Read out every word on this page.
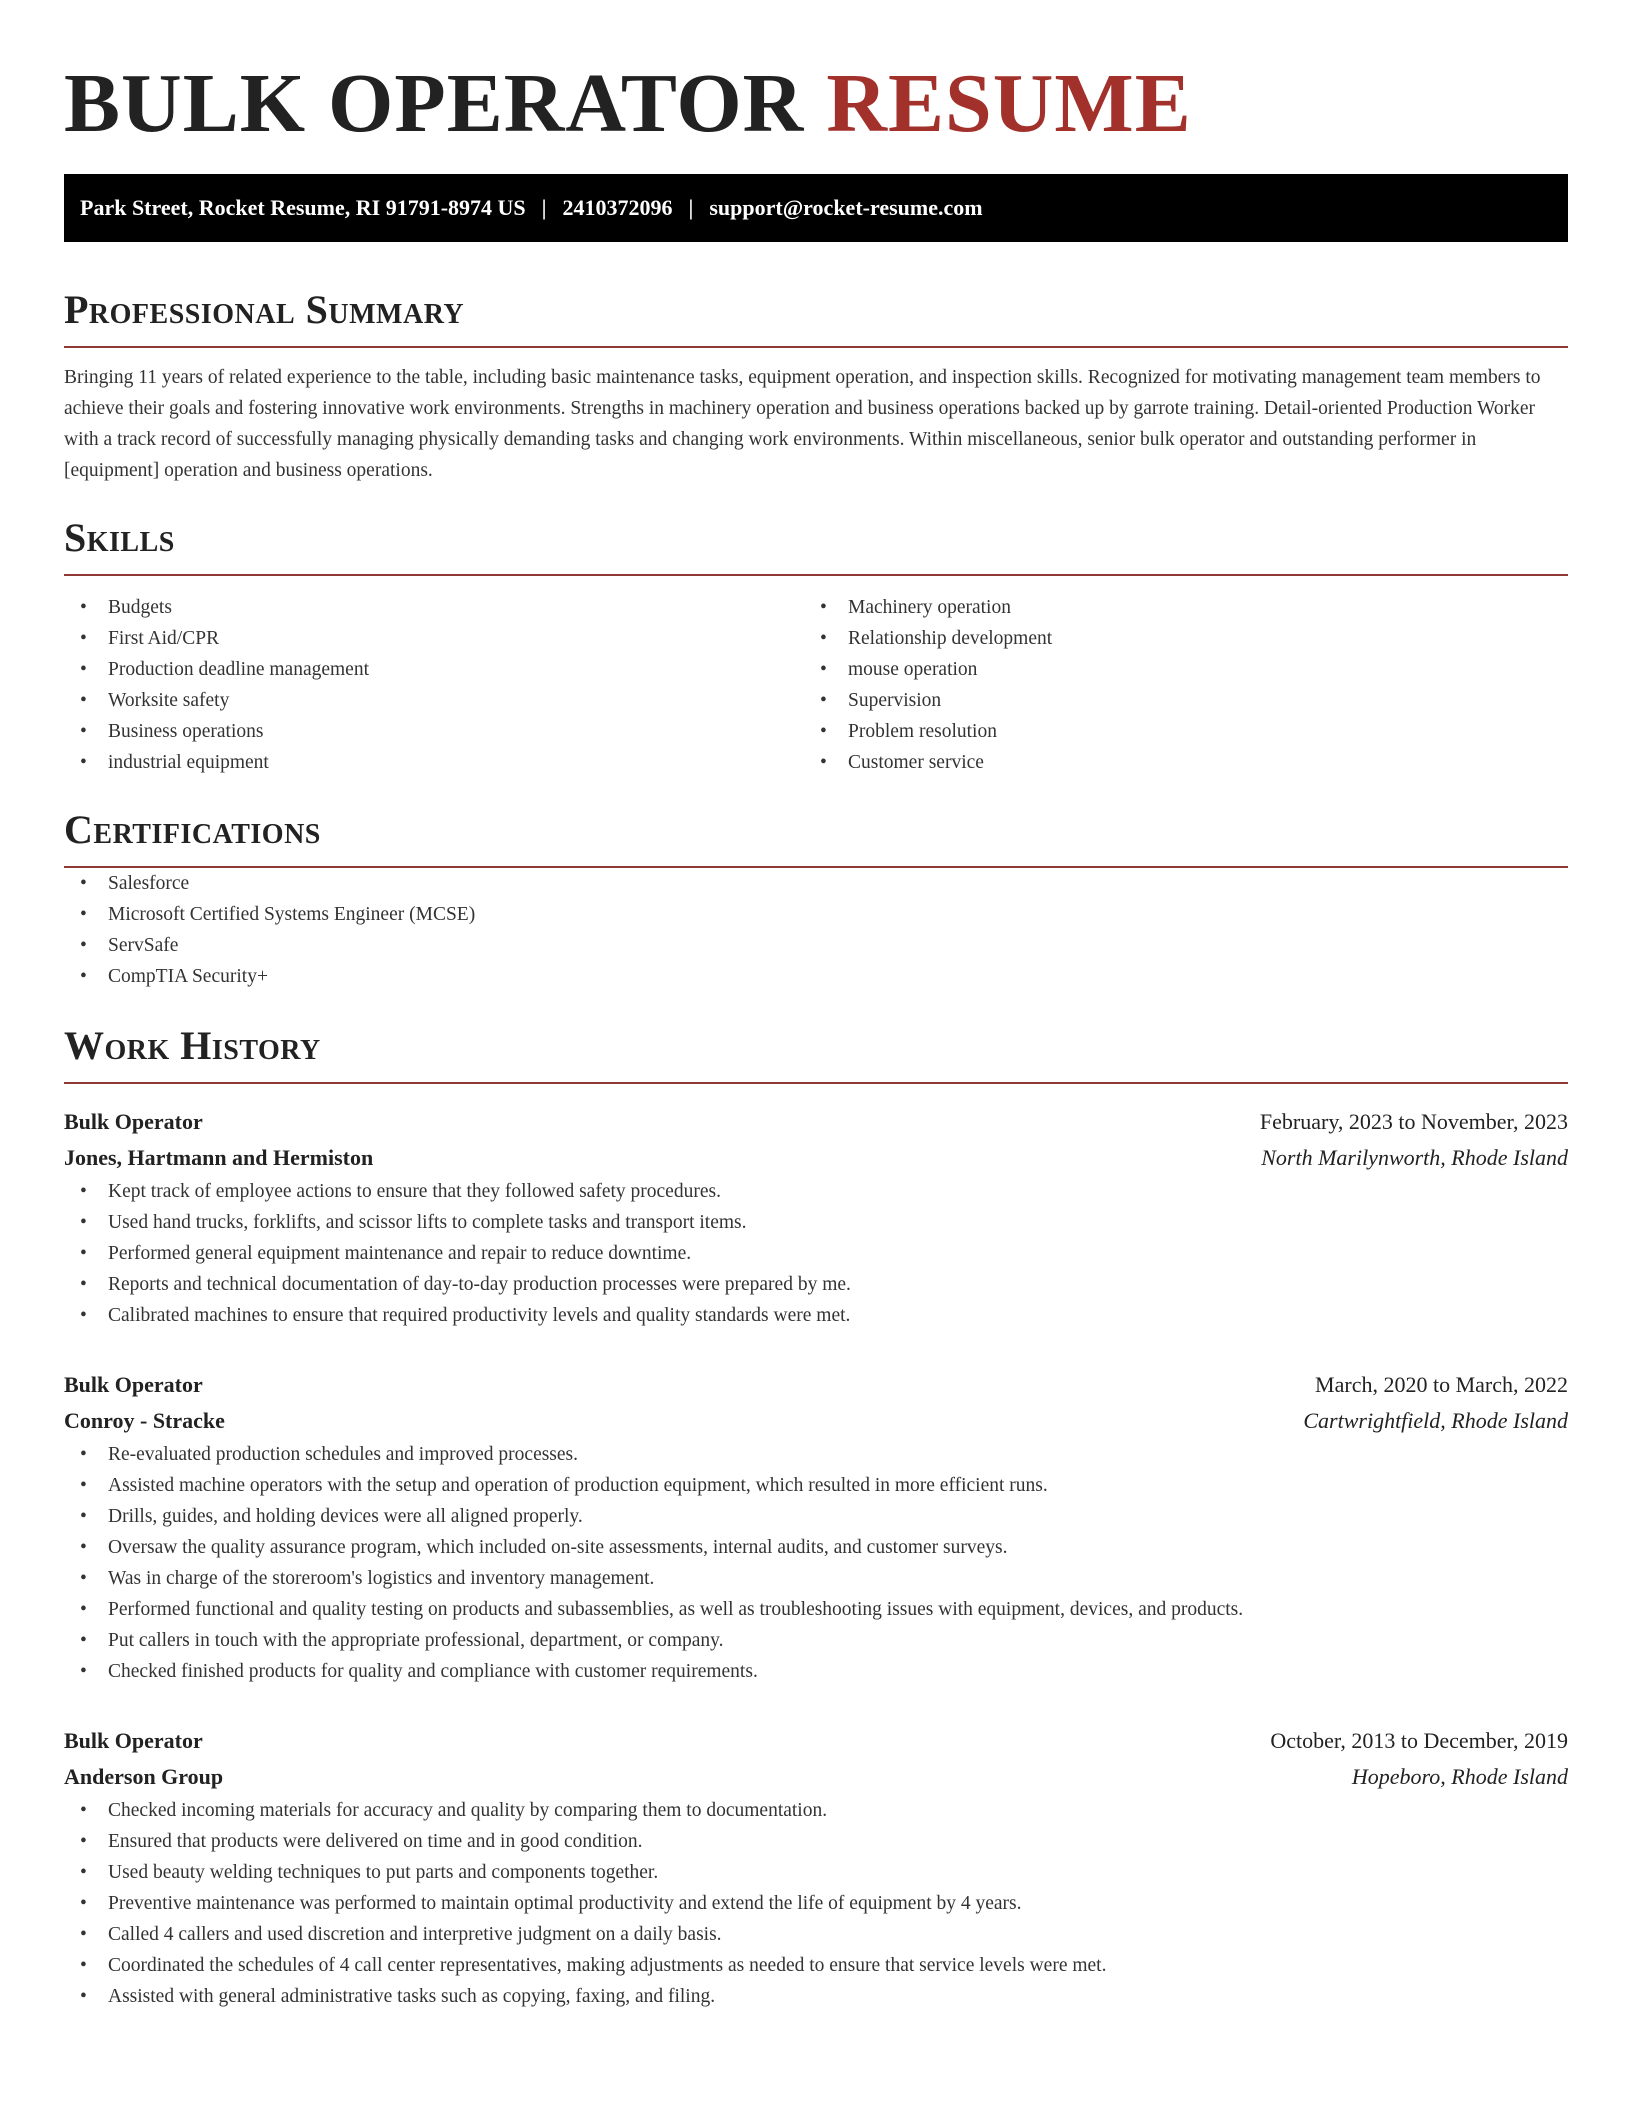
BULK OPERATOR RESUME
Park Street, Rocket Resume, RI 91791-8974 US | 2410372096 | support@rocket-resume.com
Professional Summary

Bringing 11 years of related experience to the table, including basic maintenance tasks, equipment operation, and inspection skills. Recognized for motivating management team members to achieve their goals and fostering innovative work environments. Strengths in machinery operation and business operations backed up by garrote training. Detail-oriented Production Worker with a track record of successfully managing physically demanding tasks and changing work environments. Within miscellaneous, senior bulk operator and outstanding performer in [equipment] operation and business operations.

Skills
• Budgets
• First Aid/CPR
• Production deadline management
• Worksite safety
• Business operations
• industrial equipment
• Machinery operation
• Relationship development
• mouse operation
• Supervision
• Problem resolution
• Customer service
Certifications
• Salesforce
• Microsoft Certified Systems Engineer (MCSE)
• ServSafe
• CompTIA Security+
Work History
Bulk Operator	February, 2023 to November, 2023
Jones, Hartmann and Hermiston	North Marilynworth, Rhode Island
• Kept track of employee actions to ensure that they followed safety procedures.
• Used hand trucks, forklifts, and scissor lifts to complete tasks and transport items.
• Performed general equipment maintenance and repair to reduce downtime.
• Reports and technical documentation of day-to-day production processes were prepared by me.
• Calibrated machines to ensure that required productivity levels and quality standards were met.
Bulk Operator	March, 2020 to March, 2022
Conroy - Stracke	Cartwrightfield, Rhode Island
• Re-evaluated production schedules and improved processes.
• Assisted machine operators with the setup and operation of production equipment, which resulted in more efficient runs.
• Drills, guides, and holding devices were all aligned properly.
• Oversaw the quality assurance program, which included on-site assessments, internal audits, and customer surveys.
• Was in charge of the storeroom's logistics and inventory management.
• Performed functional and quality testing on products and subassemblies, as well as troubleshooting issues with equipment, devices, and products.
• Put callers in touch with the appropriate professional, department, or company.
• Checked finished products for quality and compliance with customer requirements.
Bulk Operator	October, 2013 to December, 2019
Anderson Group	Hopeboro, Rhode Island
• Checked incoming materials for accuracy and quality by comparing them to documentation.
• Ensured that products were delivered on time and in good condition.
• Used beauty welding techniques to put parts and components together.
• Preventive maintenance was performed to maintain optimal productivity and extend the life of equipment by 4 years.
• Called 4 callers and used discretion and interpretive judgment on a daily basis.
• Coordinated the schedules of 4 call center representatives, making adjustments as needed to ensure that service levels were met.
• Assisted with general administrative tasks such as copying, faxing, and filing.
